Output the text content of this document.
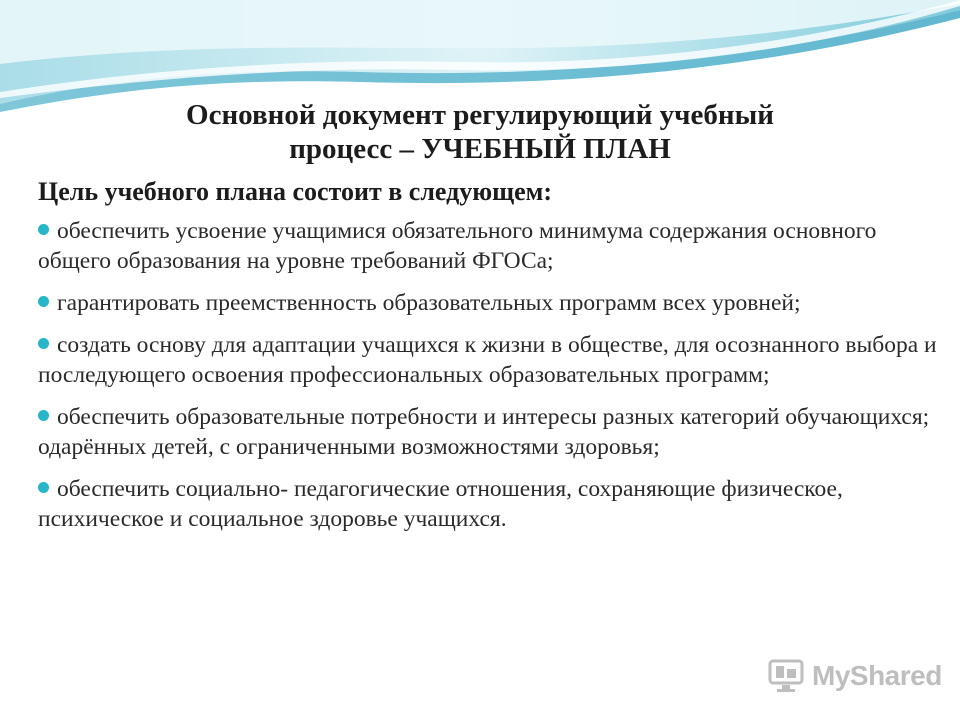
Основной документ регулирующий учебный
процесс – УЧЕБНЫЙ ПЛАН
Цель учебного плана состоит в следующем:
обеспечить усвоение учащимися обязательного минимума содержания основного общего образования на уровне требований ФГОСа;
гарантировать преемственность образовательных программ всех уровней;
создать основу для адаптации учащихся к жизни в обществе, для осознанного выбора и последующего освоения профессиональных образовательных программ;
обеспечить образовательные потребности и интересы разных категорий обучающихся; одарённых детей, с ограниченными возможностями здоровья;
обеспечить социально- педагогические отношения, сохраняющие физическое, психическое и социальное здоровье учащихся.
MyShared
